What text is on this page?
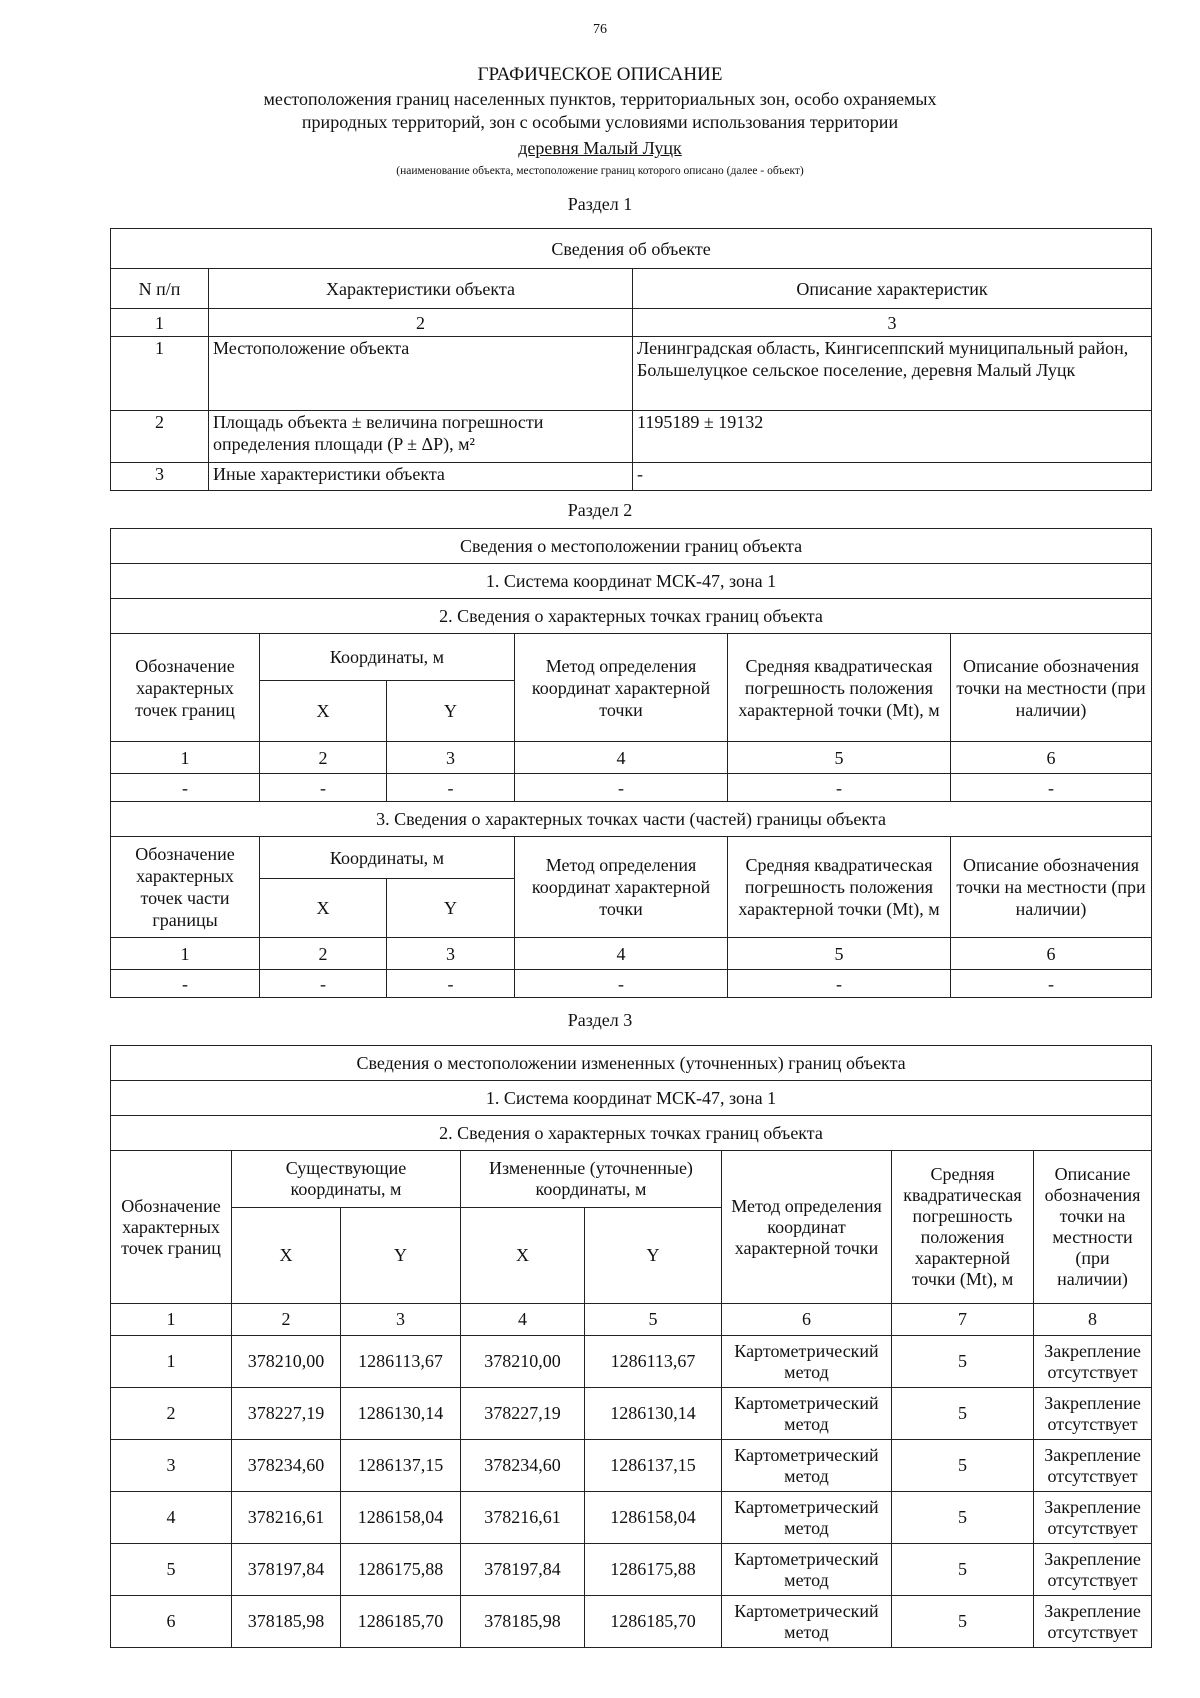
76
ГРАФИЧЕСКОЕ ОПИСАНИЕ
местоположения границ населенных пунктов, территориальных зон, особо охраняемых
природных территорий, зон с особыми условиями использования территории
деревня Малый Луцк
(наименование объекта, местоположение границ которого описано (далее - объект)
Раздел 1
Сведения об объекте		
N п/п	Характеристики объекта	Описание характеристик
1	2	3
1	Местоположение объекта	Ленинградская область, Кингисеппский муниципальный район, Большелуцкое сельское поселение, деревня Малый Луцк
2	Площадь объекта ± величина погрешности определения площади (P ± ΔP), м²	1195189 ± 19132
3	Иные характеристики объекта	-
Раздел 2
Сведения о местоположении границ объекта					
1. Система координат МСК-47, зона 1					
2. Сведения о характерных точках границ объекта					
Обозначение характерных точек границ	Координаты, м		Метод определения координат характерной точки	Средняя квадратическая погрешность положения характерной точки (Mt), м	Описание обозначения точки на местности (при наличии)
	X	Y			
1	2	3	4	5	6
-	-	-	-	-	-
3. Сведения о характерных точках части (частей) границы объекта					
Обозначение характерных точек части границы	Координаты, м		Метод определения координат характерной точки	Средняя квадратическая погрешность положения характерной точки (Mt), м	Описание обозначения точки на местности (при наличии)
	X	Y			
1	2	3	4	5	6
-	-	-	-	-	-
Раздел 3
Сведения о местоположении измененных (уточненных) границ объекта							
1. Система координат МСК-47, зона 1							
2. Сведения о характерных точках границ объекта							
Обозначение характерных точек границ	Существующие координаты, м		Измененные (уточненные) координаты, м		Метод определения координат характерной точки	Средняя квадратическая погрешность положения характерной точки (Mt), м	Описание обозначения точки на местности (при наличии)
	X	Y	X	Y			
1	2	3	4	5	6	7	8
1	378210,00	1286113,67	378210,00	1286113,67	Картометрический метод	5	Закрепление отсутствует
2	378227,19	1286130,14	378227,19	1286130,14	Картометрический метод	5	Закрепление отсутствует
3	378234,60	1286137,15	378234,60	1286137,15	Картометрический метод	5	Закрепление отсутствует
4	378216,61	1286158,04	378216,61	1286158,04	Картометрический метод	5	Закрепление отсутствует
5	378197,84	1286175,88	378197,84	1286175,88	Картометрический метод	5	Закрепление отсутствует
6	378185,98	1286185,70	378185,98	1286185,70	Картометрический метод	5	Закрепление отсутствует
